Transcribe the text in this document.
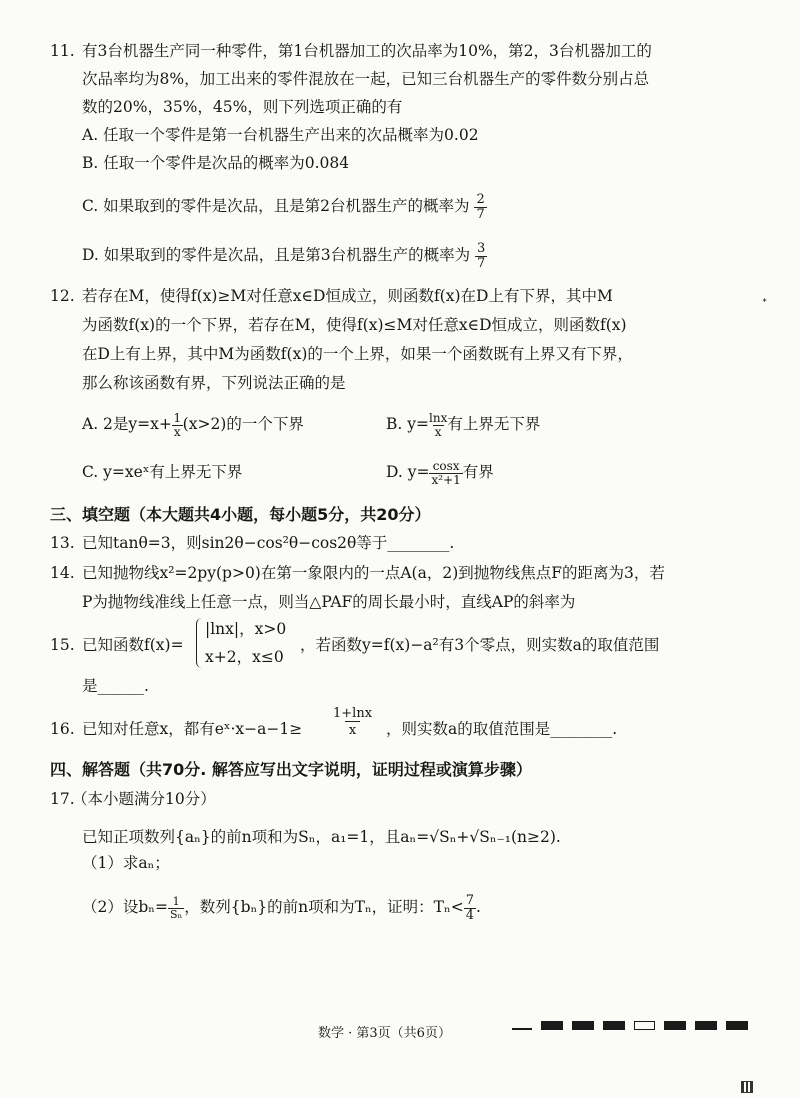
11. 有3台机器生产同一种零件，第1台机器加工的次品率为10%，第2，3台机器加工的
次品率均为8%，加工出来的零件混放在一起，已知三台机器生产的零件数分别占总
数的20%，35%，45%，则下列选项正确的有
A. 任取一个零件是第一台机器生产出来的次品概率为0.02
B. 任取一个零件是次品的概率为0.084
C. 如果取到的零件是次品，且是第2台机器生产的概率为 $\frac{2}{7}$
D. 如果取到的零件是次品，且是第3台机器生产的概率为 $\frac{3}{7}$
12. 若存在M，使得f(x)≥M对任意x∈D恒成立，则函数f(x)在D上有下界，其中M
为函数f(x)的一个下界，若存在M，使得f(x)≤M对任意x∈D恒成立，则函数f(x)
在D上有上界，其中M为函数f(x)的一个上界，如果一个函数既有上界又有下界，
那么称该函数有界，下列说法正确的是
A. 2是$y=x+ \frac{1}{x} (x>2)$的一个下界	B. $y= \frac{\ln x}{x}$ 有上界无下界
C. y=xeˣ有上界无下界	D. $y= \frac{\cos x}{\text{x²+1}}$ 有界
ᐩ
三、填空题（本大题共4小题，每小题5分，共20分）
13. 已知tanθ=3，则sin2θ−cos²θ−cos2θ等于________.
14. 已知抛物线x²=2py(p>0)在第一象限内的一点A(a，2)到抛物线焦点F的距离为3，若
P为抛物线准线上任意一点，则当△PAF的周长最小时，直线AP的斜率为
15. 已知函数f(x)=
|lnx|，x>0
x+2，x≤0
，若函数y=f(x)−a²有3个零点，则实数a的取值范围
是______.
16. 已知对任意x，都有eˣ·x−a−1≥ $\frac{1+\ln x}{x}$ ，则实数a的取值范围是________.
四、解答题（共70分. 解答应写出文字说明，证明过程或演算步骤）
17.
（本小题满分10分）
已知正项数列{aₙ}的前n项和为Sₙ，a₁=1，且aₙ=√Sₙ+√Sₙ₋₁(n≥2).
（1）求aₙ；
（2）设$b_n= \frac{1}{\text{Sₙ}}$ ，数列{bₙ}的前n项和为Tₙ，证明：$T_n< \frac{7}{4}$ .
数学 · 第3页（共6页）
